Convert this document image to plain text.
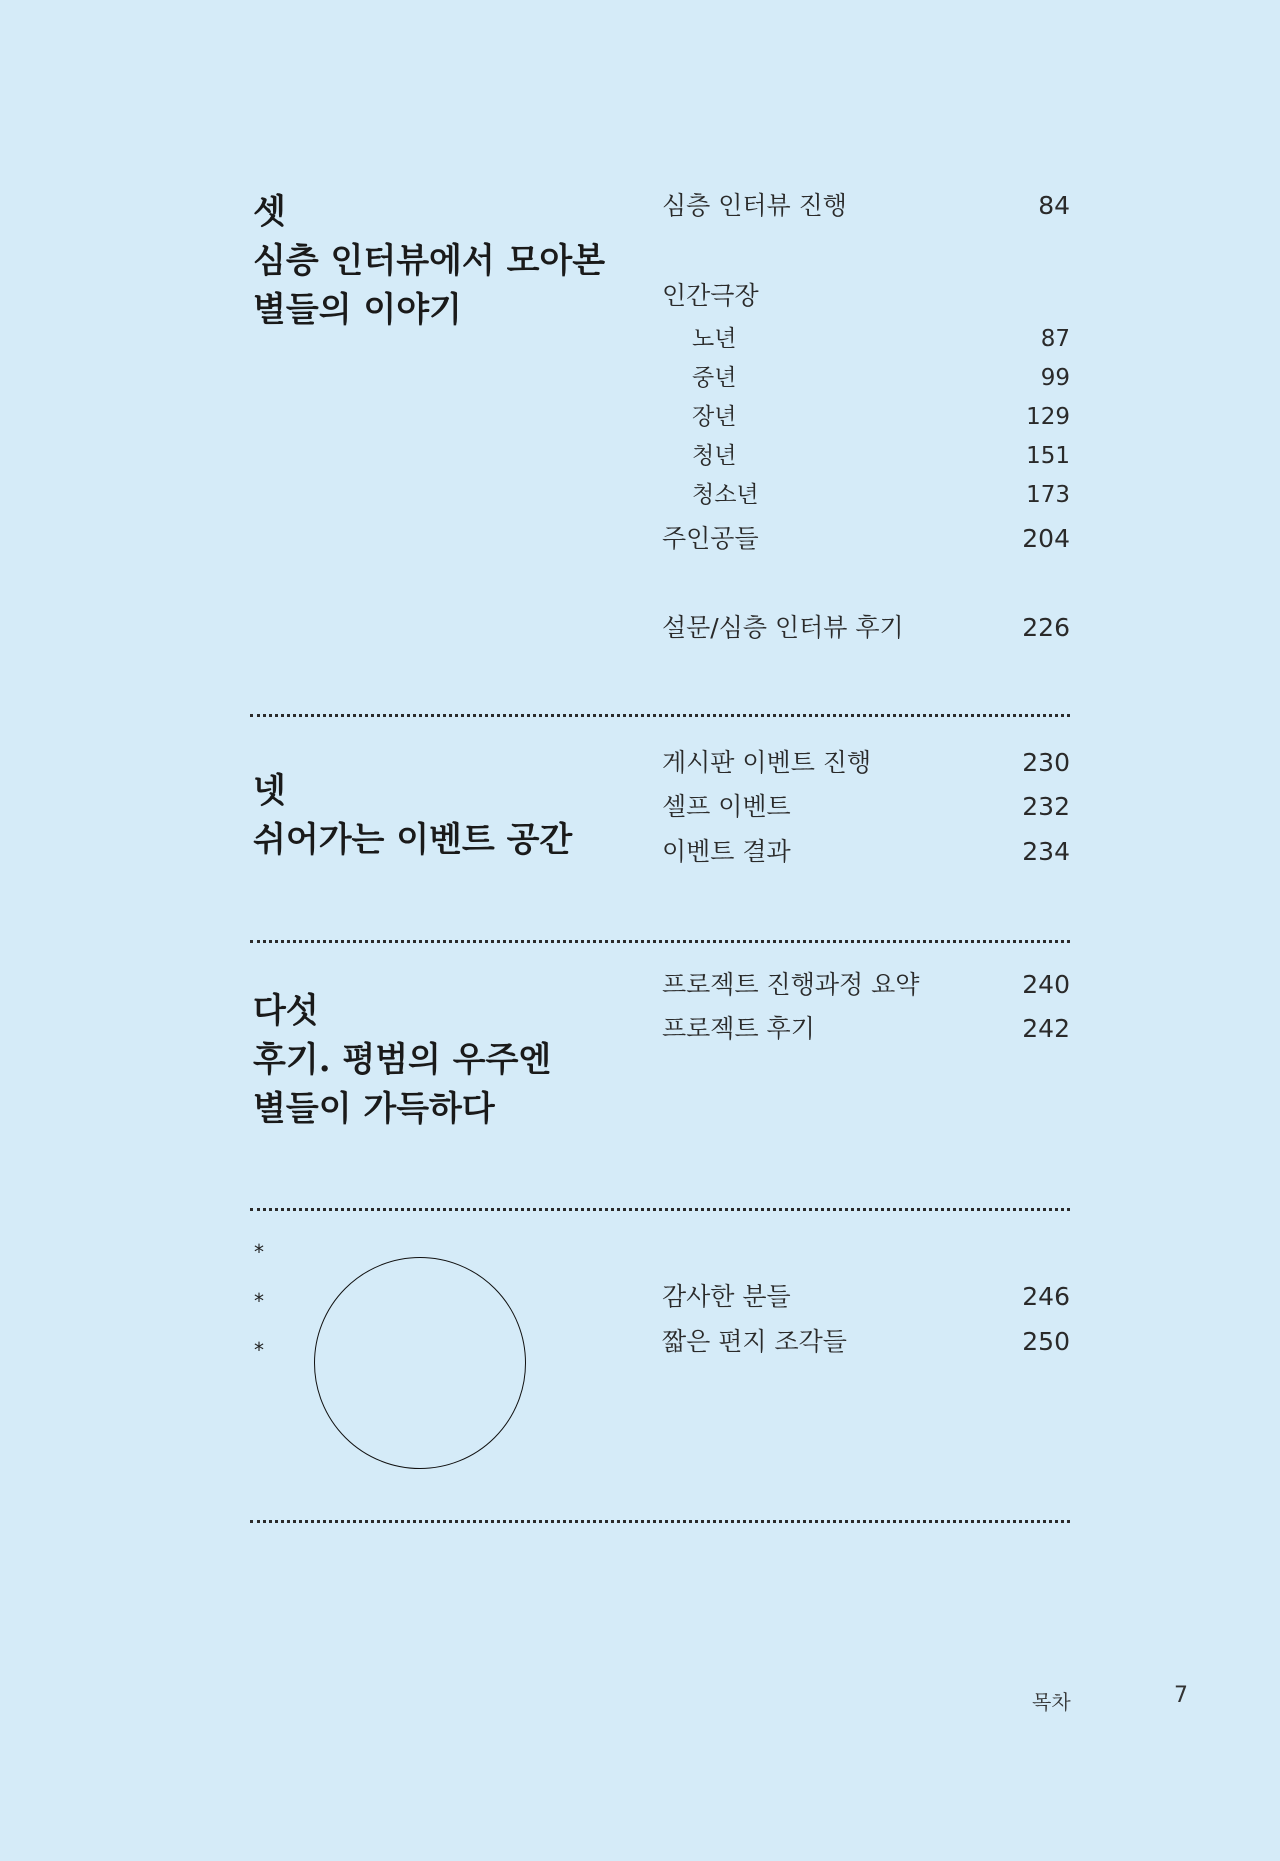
셋
심층 인터뷰에서 모아본
별들의 이야기
심층 인터뷰 진행	84
인간극장
노년	87
중년	99
장년	129
청년	151
청소년	173
주인공들	204
설문/심층 인터뷰 후기	226
넷
쉬어가는 이벤트 공간
게시판 이벤트 진행	230
셀프 이벤트	232
이벤트 결과	234
다섯
후기. 평범의 우주엔
별들이 가득하다
프로젝트 진행과정 요약	240
프로젝트 후기	242
*
*
*
감사한 분들	246
짧은 편지 조각들	250
목차	7
